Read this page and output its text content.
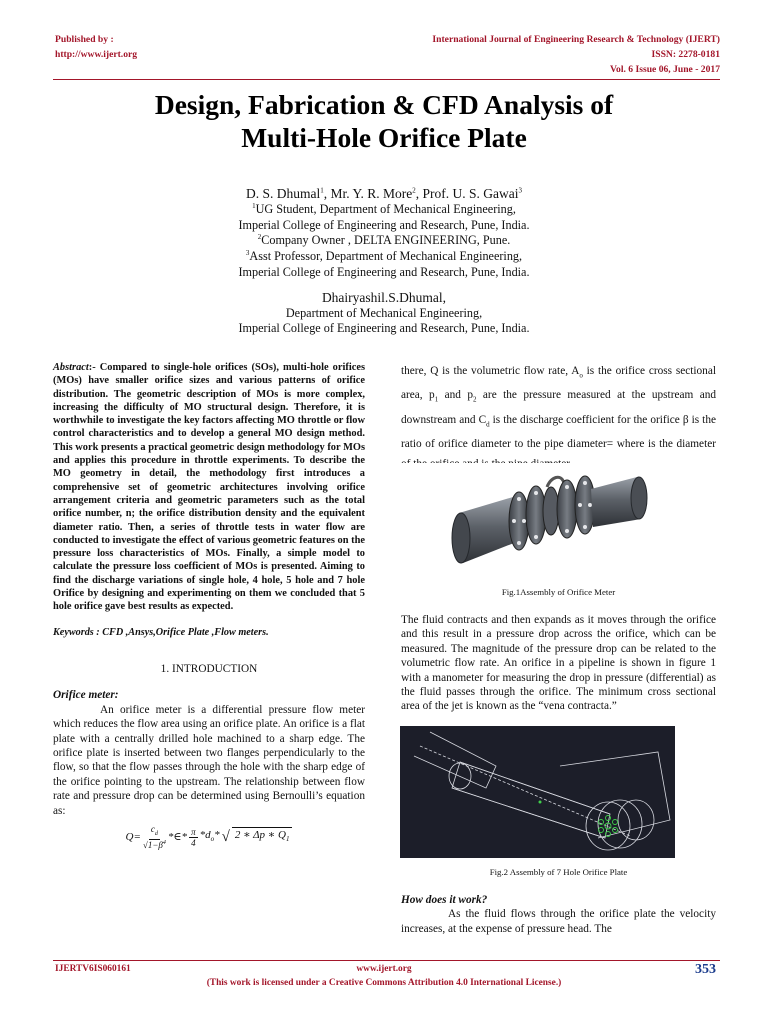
Published by :
http://www.ijert.org
International Journal of Engineering Research & Technology (IJERT)
ISSN: 2278-0181
Vol. 6 Issue 06, June - 2017
Design, Fabrication & CFD Analysis of
Multi-Hole Orifice Plate
D. S. Dhumal$^1$, Mr. Y. R. More$^2$, Prof. U. S. Gawai$^3$
$^1$UG Student, Department of Mechanical Engineering,
Imperial College of Engineering and Research, Pune, India.
$^2$Company Owner , DELTA ENGINEERING, Pune.
$^3$Asst Professor, Department of Mechanical Engineering,
Imperial College of Engineering and Research, Pune, India.
Dhairyashil.S.Dhumal,
Department of Mechanical Engineering,
Imperial College of Engineering and Research, Pune, India.

Abstract:- Compared to single-hole orifices (SOs), multi-hole orifices (MOs) have smaller orifice sizes and various patterns of orifice distribution. The geometric description of MOs is more complex, increasing the difficulty of MO structural design. Therefore, it is worthwhile to investigate the key factors affecting MO throttle or flow control characteristics and to develop a general MO design method. This work presents a practical geometric design methodology for MOs and applies this procedure in throttle experiments. To describe the MO geometry in detail, the methodology first introduces a comprehensive set of geometric architectures involving orifice arrangement criteria and geometric parameters such as the total orifice number, n; the orifice distribution density and the equivalent diameter ratio. Then, a series of throttle tests in water flow are conducted to investigate the effect of various geometric features on the pressure loss characteristics of MOs. Finally, a simple model to calculate the pressure loss coefficient of MOs is presented. Aiming to find the discharge variations of single hole, 4 hole, 5 hole and 7 hole Orifice by designing and experimenting on them we concluded that 5 hole orifice gave best results as expected.

Keywords : CFD ,Ansys,Orifice Plate ,Flow meters.

1. INTRODUCTION

Orifice meter:

An orifice meter is a differential pressure flow meter which reduces the flow area using an orifice plate. An orifice is a flat plate with a centrally drilled hole machined to a sharp edge. The orifice plate is inserted between two flanges perpendicularly to the flow, so that the flow passes through the hole with the sharp edge of the orifice pointing to the upstream. The relationship between flow rate and pressure drop can be determined using Bernoulli’s equation as:

$Q= \frac{c_d}{√1-\beta^4}$ *∈* π
4
$*d_o*$ √ 2 ∗ Δp ∗ $Q_1$

there, Q is the volumetric flow rate, $A_o$ is the orifice cross sectional area, $p_1$ and $p_2$ are the pressure measured at the upstream and downstream and $C_d$ is the discharge coefficient for the orifice β is the ratio of orifice diameter to the pipe diameter= where is the diameter

Fig.1Assembly of Orifice Meter
The fluid contracts and then expands as it moves through the orifice and this result in a pressure drop across the orifice, which can be measured. The magnitude of the pressure drop can be related to the volumetric flow rate. An orifice in a pipeline is shown in figure 1 with a manometer for measuring the drop in pressure (differential) as the fluid passes through the orifice. The minimum cross sectional area of the jet is known as the “vena contracta.”
Fig.2 Assembly of 7 Hole Orifice Plate

How does it work?

As the fluid flows through the orifice plate the velocity increases, at the expense of pressure head. The

IJERTV6IS060161	www.ijert.org
(This work is licensed under a Creative Commons Attribution 4.0 International License.)
353
